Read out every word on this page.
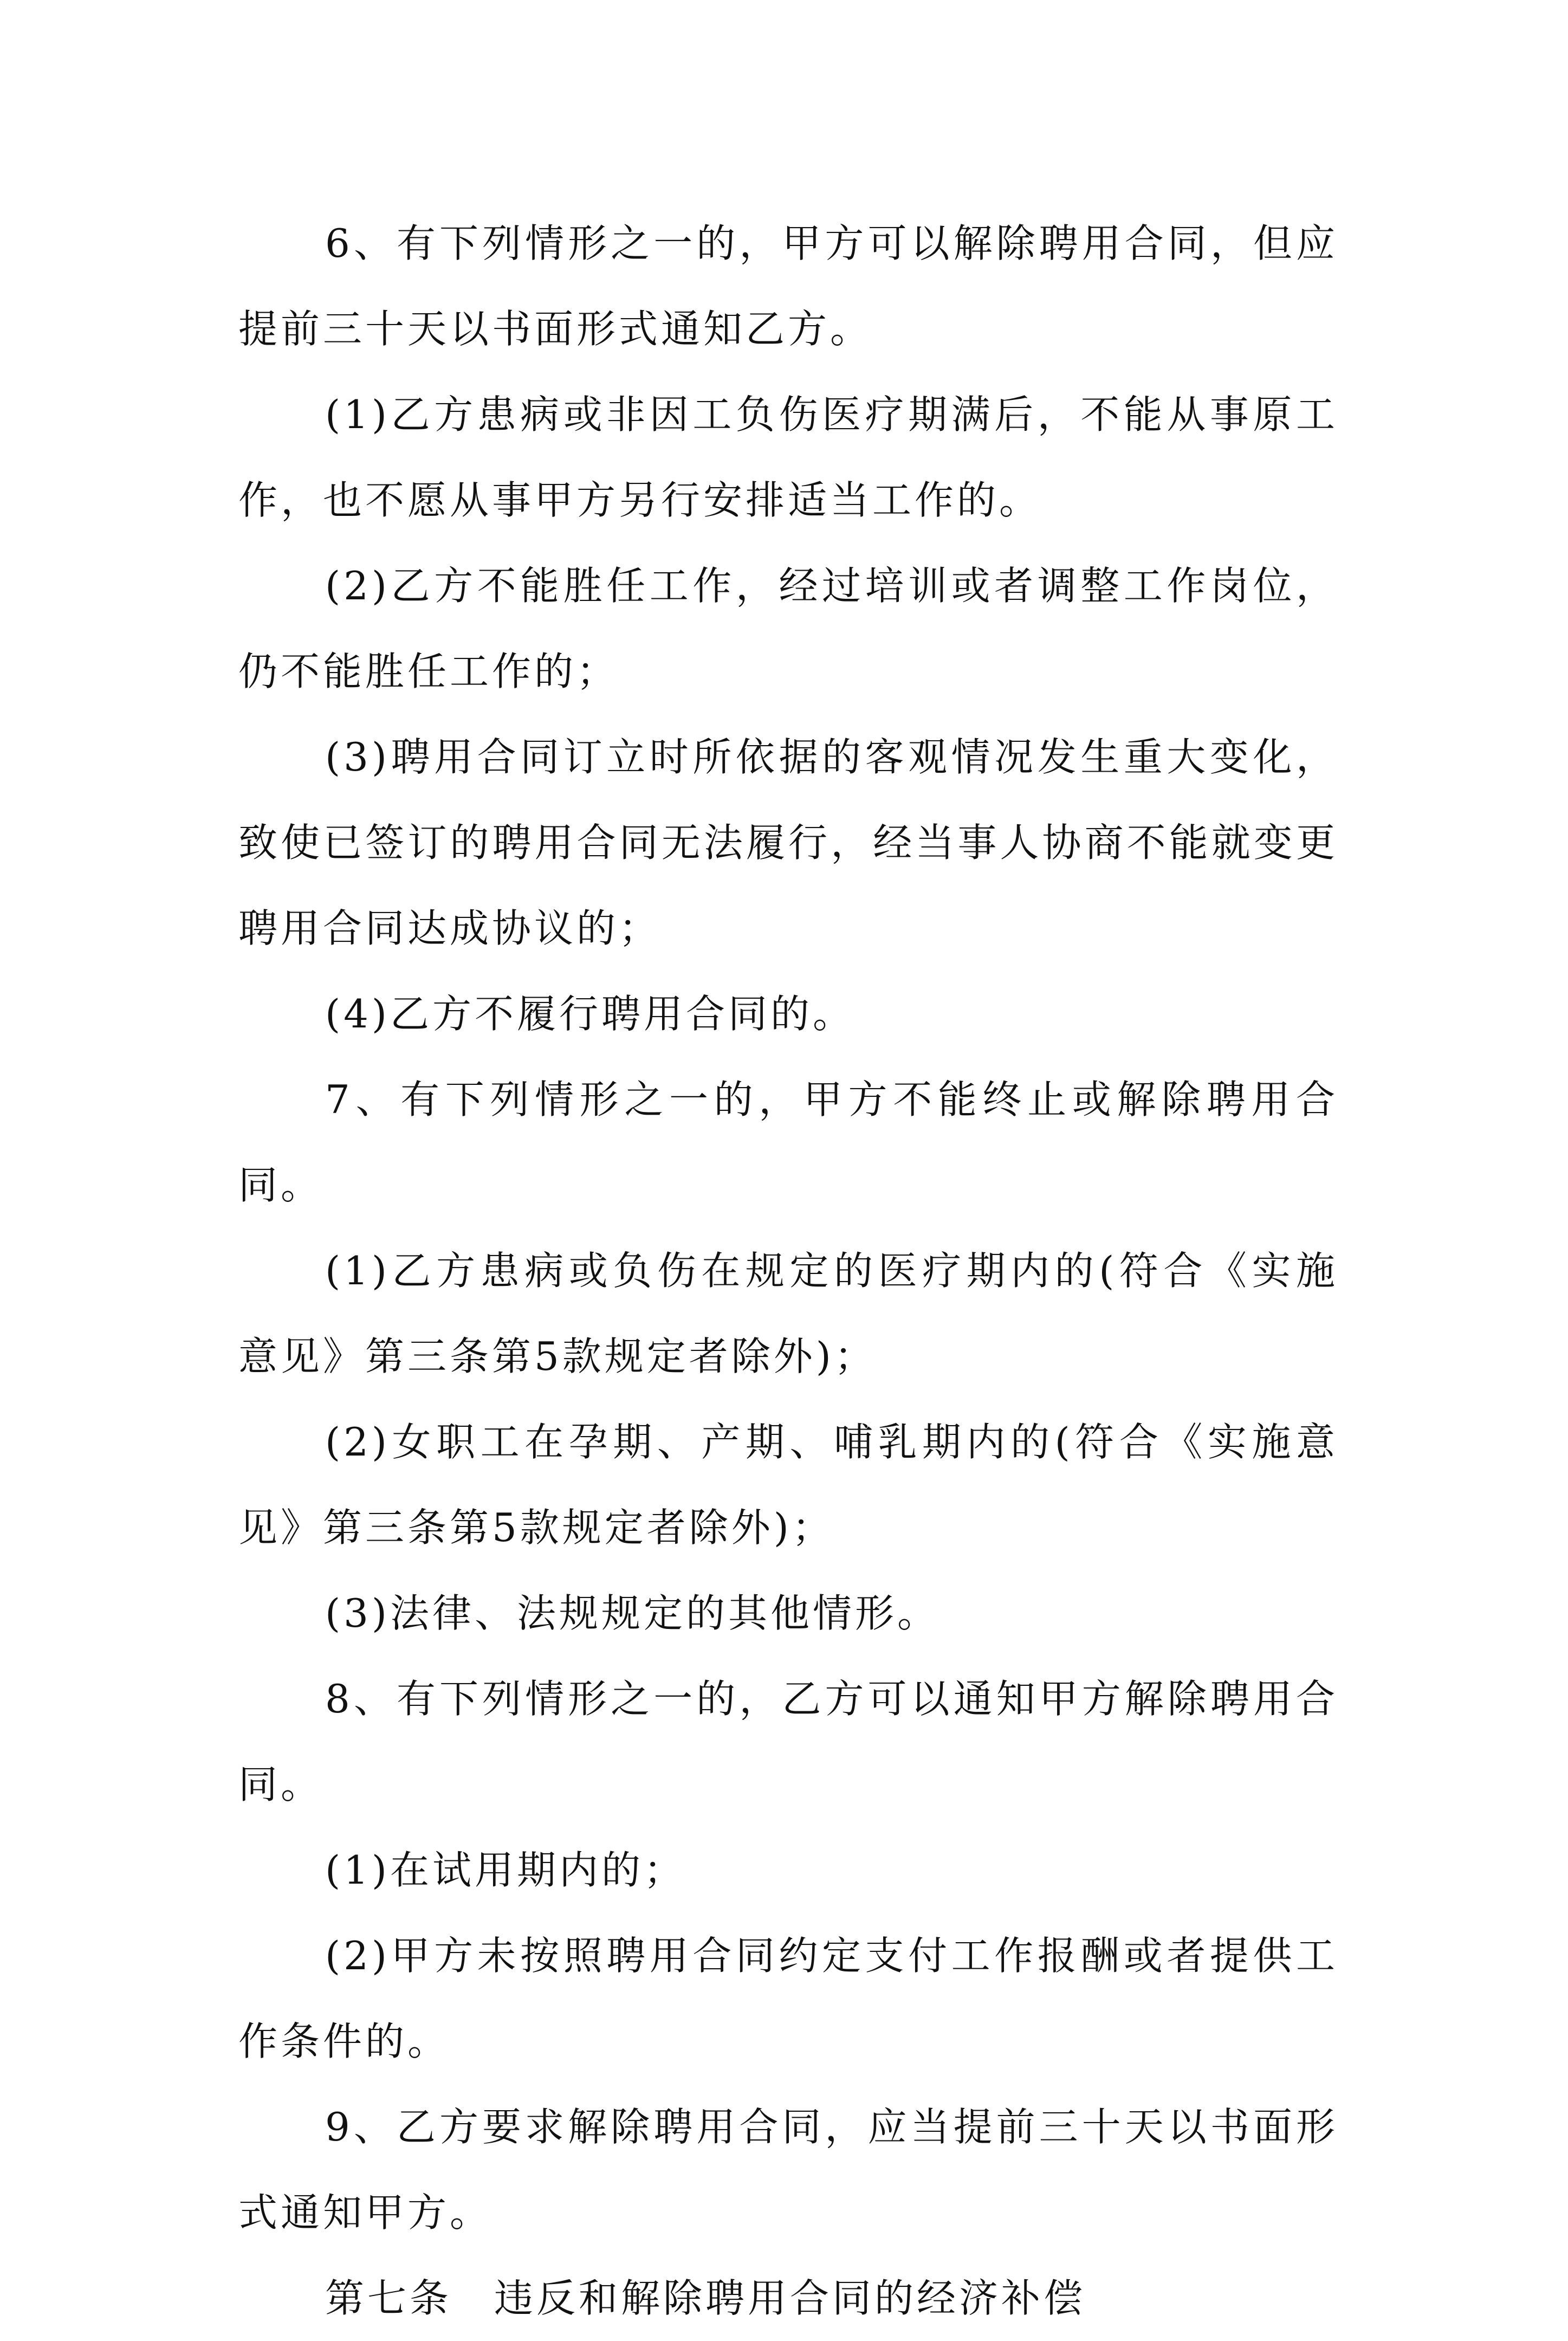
6、有下列情形之一的，甲方可以解除聘用合同，但应提前三十天以书面形式通知乙方。

(1)乙方患病或非因工负伤医疗期满后，不能从事原工作，也不愿从事甲方另行安排适当工作的。

(2)乙方不能胜任工作，经过培训或者调整工作岗位，仍不能胜任工作的；

(3)聘用合同订立时所依据的客观情况发生重大变化，致使已签订的聘用合同无法履行，经当事人协商不能就变更聘用合同达成协议的；

(4)乙方不履行聘用合同的。

7、有下列情形之一的，甲方不能终止或解除聘用合同。

(1)乙方患病或负伤在规定的医疗期内的(符合《实施意见》第三条第5款规定者除外)；

(2)女职工在孕期、产期、哺乳期内的(符合《实施意见》第三条第5款规定者除外)；

(3)法律、法规规定的其他情形。

8、有下列情形之一的，乙方可以通知甲方解除聘用合同。

(1)在试用期内的；

(2)甲方未按照聘用合同约定支付工作报酬或者提供工作条件的。

9、乙方要求解除聘用合同，应当提前三十天以书面形式通知甲方。

第七条　违反和解除聘用合同的经济补偿
